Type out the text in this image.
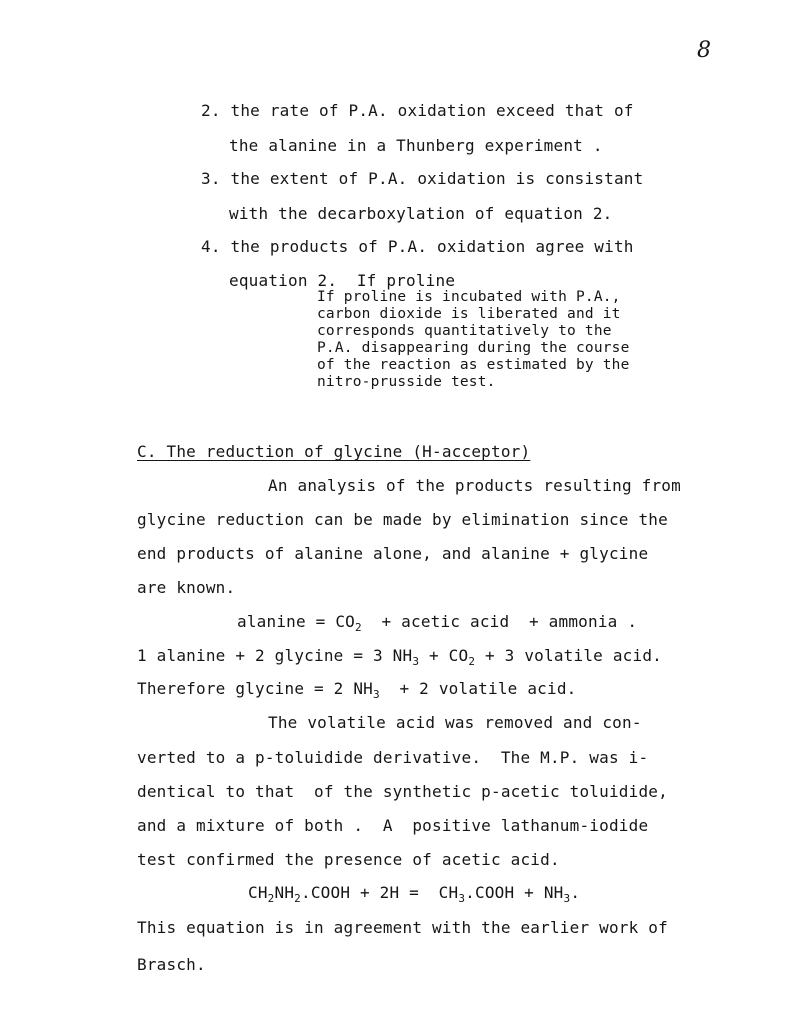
8
2. the rate of P.A. oxidation exceed that of
the alanine in a Thunberg experiment .
3. the extent of P.A. oxidation is consistant
with the decarboxylation of equation 2.
4. the products of P.A. oxidation agree with
equation 2.  If proline
If proline is incubated with P.A.,
carbon dioxide is liberated and it
corresponds quantitatively to the
P.A. disappearing during the course
of the reaction as estimated by the
nitro-prusside test.
C. The reduction of glycine (H-acceptor)
An analysis of the products resulting from
glycine reduction can be made by elimination since the
end products of alanine alone, and alanine + glycine
are known.
alanine = $CO_2$  + acetic acid  + ammonia .
1 alanine + 2 glycine = 3 $NH_3 + CO_2 + 3$ volatile acid.
Therefore glycine = 2 $NH_3 + 2$ volatile acid.
The volatile acid was removed and con-
verted to a p-toluidide derivative.  The M.P. was i-
dentical to that  of the synthetic p-acetic toluidide,
and a mixture of both .  A  positive lathanum-iodide
test confirmed the presence of acetic acid.
$CH_2NH_2.COOH + 2H$ =  $CH_3.COOH + NH_3$.
This equation is in agreement with the earlier work of
Brasch.
